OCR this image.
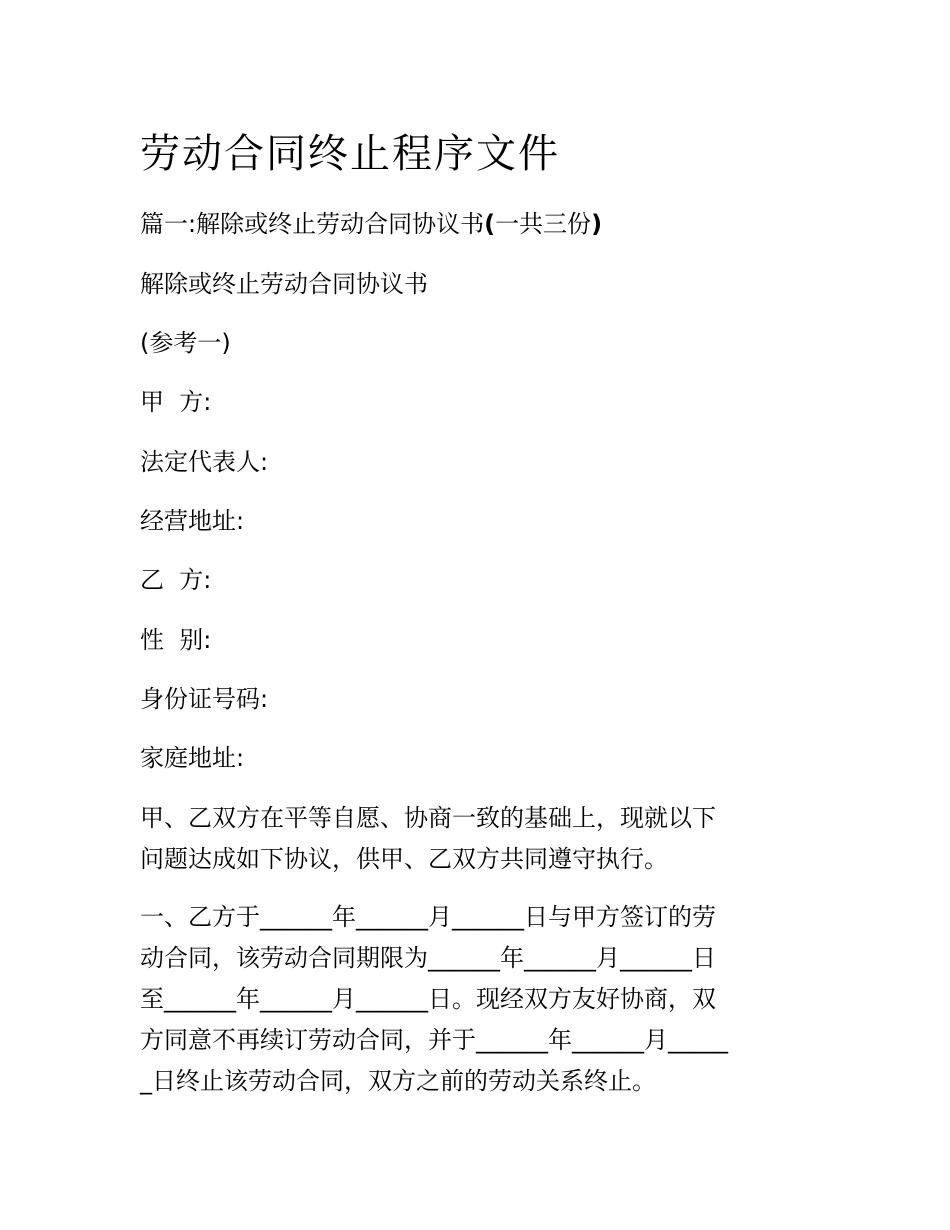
劳动合同终止程序文件

篇一:解除或终止劳动合同协议书(一共三份)

解除或终止劳动合同协议书

(参考一)

甲  方:

法定代表人:

经营地址:

乙  方:

性  别:

身份证号码:

家庭地址:

甲、乙双方在平等自愿、协商一致的基础上，现就以下
问题达成如下协议，供甲、乙双方共同遵守执行。
一、乙方于______年______月______日与甲方签订的劳
动合同，该劳动合同期限为______年______月______日
至______年______月______日。现经双方友好协商，双
方同意不再续订劳动合同，并于______年______月_____
_日终止该劳动合同，双方之前的劳动关系终止。
